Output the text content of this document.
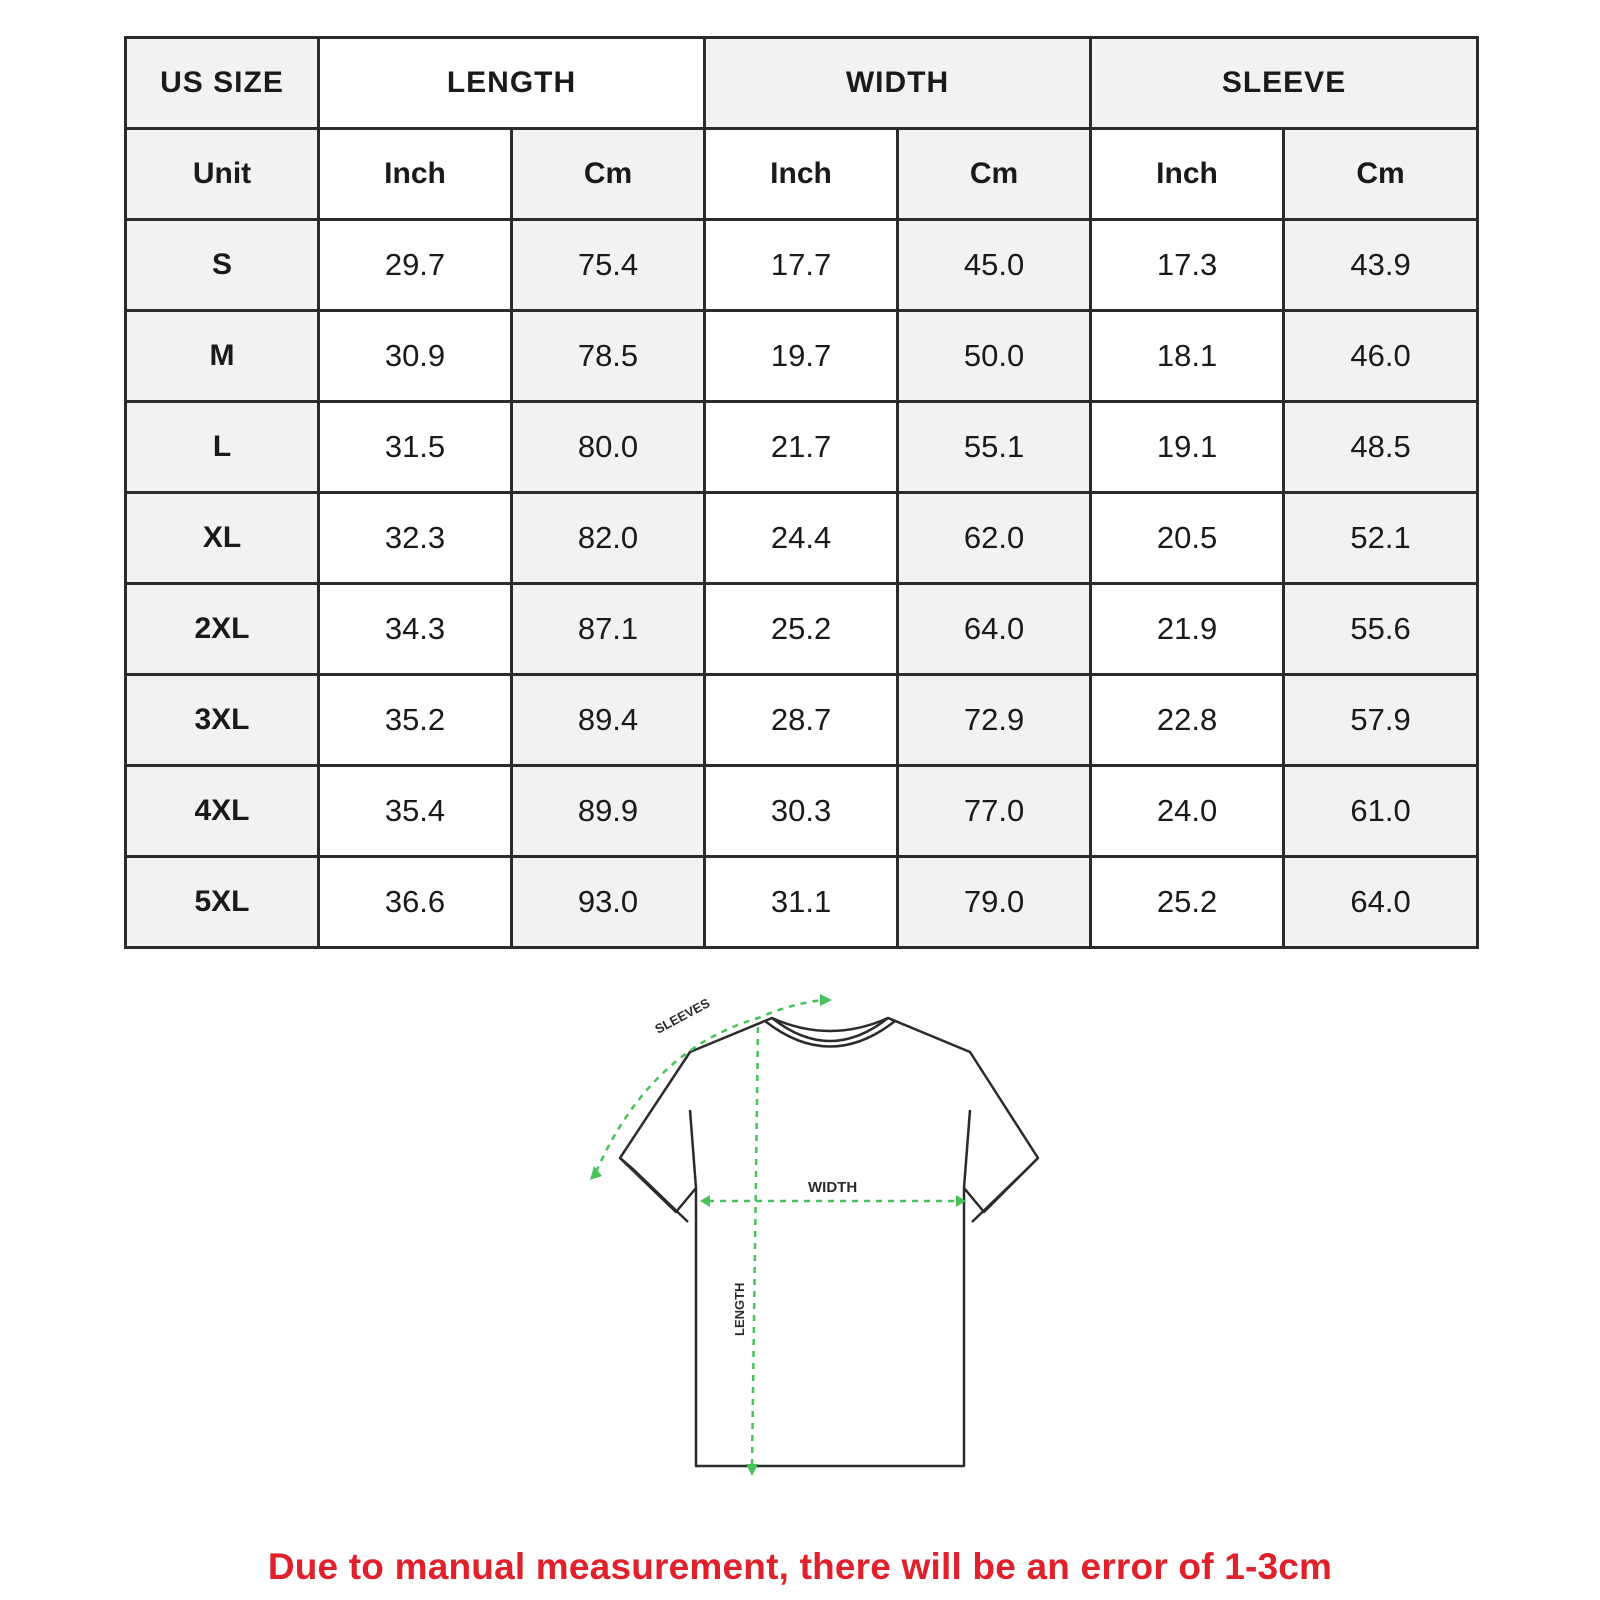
US SIZE	LENGTH		WIDTH		SLEEVE	
Unit	Inch	Cm	Inch	Cm	Inch	Cm
S	29.7	75.4	17.7	45.0	17.3	43.9
M	30.9	78.5	19.7	50.0	18.1	46.0
L	31.5	80.0	21.7	55.1	19.1	48.5
XL	32.3	82.0	24.4	62.0	20.5	52.1
2XL	34.3	87.1	25.2	64.0	21.9	55.6
3XL	35.2	89.4	28.7	72.9	22.8	57.9
4XL	35.4	89.9	30.3	77.0	24.0	61.0
5XL	36.6	93.0	31.1	79.0	25.2	64.0
SLEEVES
WIDTH
LENGTH
Due to manual measurement, there will be an error of 1-3cm
